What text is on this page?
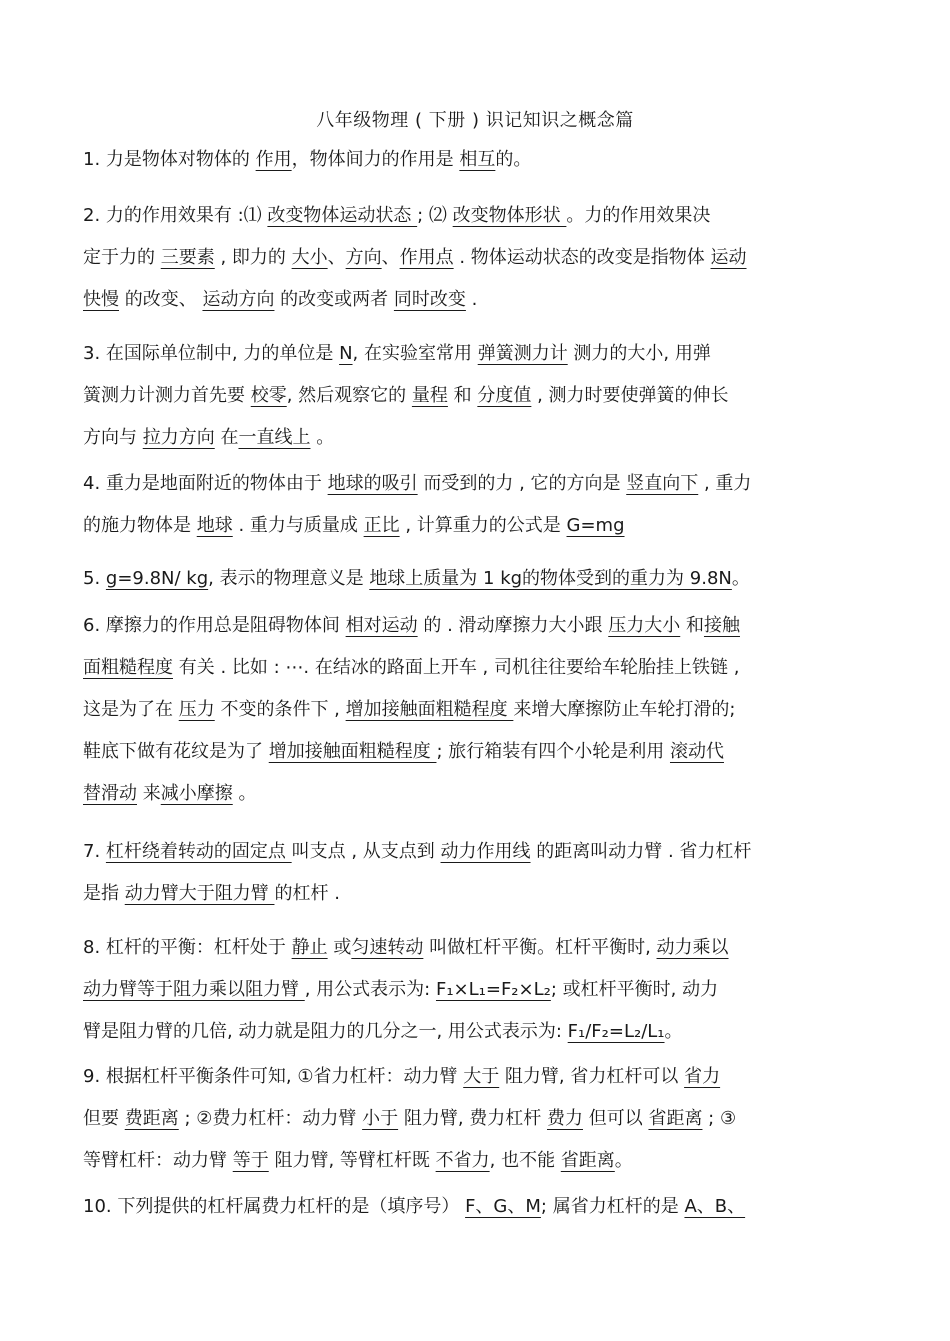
八年级物理 ( 下册 ) 识记知识之概念篇
1. 力是物体对物体的 作用，物体间力的作用是 相互的。
2. 力的作用效果有 :⑴ 改变物体运动状态 ; ⑵ 改变物体形状 。力的作用效果决
定于力的 三要素 , 即力的 大小、方向、作用点 . 物体运动状态的改变是指物体 运动
快慢 的改变、 运动方向 的改变或两者 同时改变 .
3. 在国际单位制中, 力的单位是 N, 在实验室常用 弹簧测力计 测力的大小, 用弹
簧测力计测力首先要 校零, 然后观察它的 量程 和 分度值 , 测力时要使弹簧的伸长
方向与 拉力方向 在一直线上 。
4. 重力是地面附近的物体由于 地球的吸引 而受到的力 , 它的方向是 竖直向下 , 重力
的施力物体是 地球 . 重力与质量成 正比 , 计算重力的公式是 G=mg
5. g=9.8N/ kg, 表示的物理意义是 地球上质量为 1 kg的物体受到的重力为 9.8N。
6. 摩擦力的作用总是阻碍物体间 相对运动 的 . 滑动摩擦力大小跟 压力大小 和接触
面粗糙程度 有关 . 比如 : ⋯. 在结冰的路面上开车 , 司机往往要给车轮胎挂上铁链 ,
这是为了在 压力 不变的条件下 , 增加接触面粗糙程度 来增大摩擦防止车轮打滑的;
鞋底下做有花纹是为了 增加接触面粗糙程度 ; 旅行箱装有四个小轮是利用 滚动代
替滑动 来减小摩擦 。
7. 杠杆绕着转动的固定点 叫支点 , 从支点到 动力作用线 的距离叫动力臂 . 省力杠杆
是指 动力臂大于阻力臂 的杠杆 .
8. 杠杆的平衡：杠杆处于 静止 或匀速转动 叫做杠杆平衡。杠杆平衡时, 动力乘以
动力臂等于阻力乘以阻力臂 , 用公式表示为: F₁×L₁=F₂×L₂; 或杠杆平衡时, 动力
臂是阻力臂的几倍, 动力就是阻力的几分之一, 用公式表示为: F₁/F₂=L₂/L₁。
9. 根据杠杆平衡条件可知, ①省力杠杆：动力臂 大于 阻力臂, 省力杠杆可以 省力
但要 费距离 ; ②费力杠杆：动力臂 小于 阻力臂, 费力杠杆 费力 但可以 省距离 ; ③
等臂杠杆：动力臂 等于 阻力臂, 等臂杠杆既 不省力, 也不能 省距离。
10. 下列提供的杠杆属费力杠杆的是（填序号） F、G、M; 属省力杠杆的是 A、B、
